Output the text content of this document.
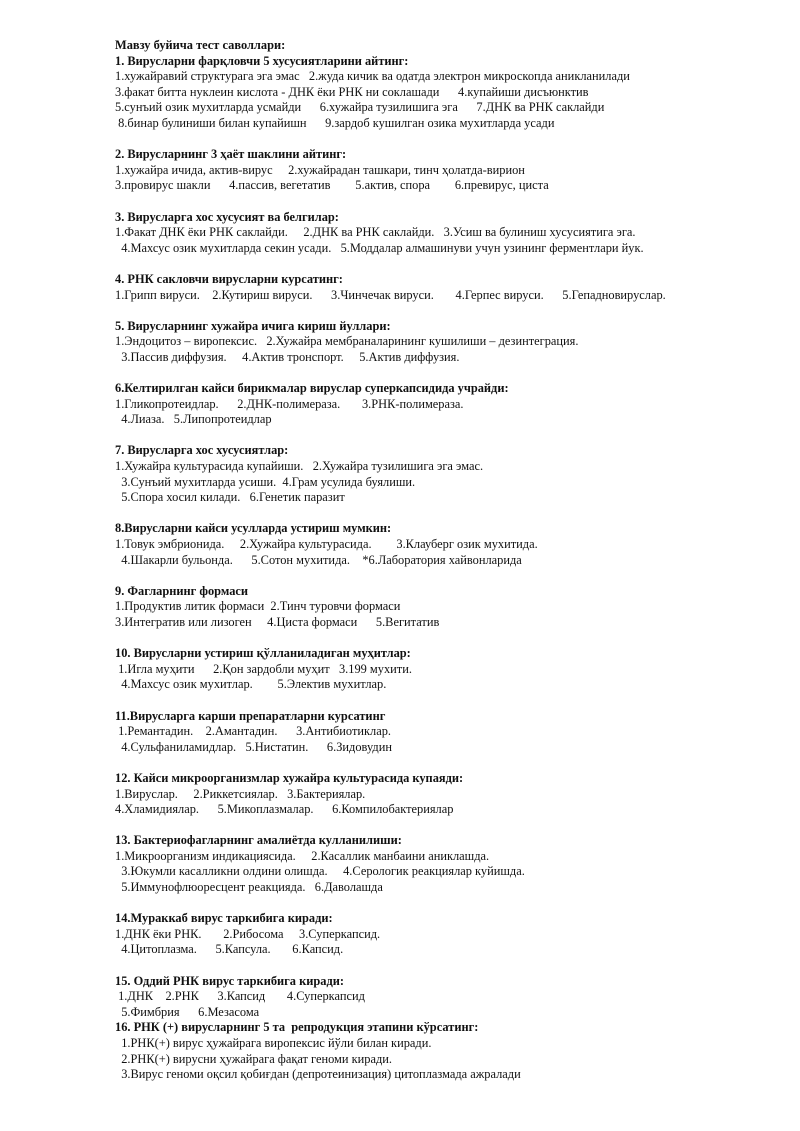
Мавзу буйича тест саволлари:
1. Вирусларни фарқловчи 5 хусусиятларини айтинг:
1.хужайравий структурага эга эмас   2.жуда кичик ва одатда электрон микроскопда аникланилади
3.факат битта нуклеин кислота - ДНК ёки РНК ни соклашади      4.купайиши дисъюнктив
5.сунъий озик мухитларда усмайди      6.хужайра тузилишига эга      7.ДНК ва РНК саклайди
8.бинар булиниши билан купайишн      9.зардоб кушилган озика мухитларда усади
2. Вирусларнинг 3 ҳаёт шаклини айтинг:
1.хужайра ичида, актив-вирус     2.хужайрадан ташкари, тинч ҳолатда-вирион
3.провирус шакли      4.пассив, вегетатив        5.актив, спора        6.превирус, циста
3. Вирусларга хос хусусият ва белгилар:
1.Факат ДНК ёки РНК саклайди.     2.ДНК ва РНК саклайди.   3.Усиш ва булиниш хусусиятига эга.
4.Махсус озик мухитларда секин усади.   5.Моддалар алмашинуви учун узининг ферментлари йук.
4. РНК сакловчи вирусларни курсатинг:
1.Грипп вируси.    2.Кутириш вируси.      3.Чинчечак вируси.       4.Герпес вируси.      5.Гепадновируслар.
5. Вирусларнинг хужайра ичига кириш йуллари:
1.Эндоцитоз – виропексис.   2.Хужайра мембраналарининг кушилиши – дезинтеграция.
3.Пассив диффузия.     4.Актив тронспорт.     5.Актив диффузия.
6.Келтирилган кайси бирикмалар вируслар суперкапсидида учрайди:
1.Гликопротеидлар.      2.ДНК-полимераза.       3.РНК-полимераза.
4.Лиаза.   5.Липопротеидлар
7. Вирусларга хос хусусиятлар:
1.Хужайра культурасида купайиши.   2.Хужайра тузилишига эга эмас.
3.Сунъий мухитларда усиши.  4.Грам усулида буялиши.
5.Спора хосил килади.   6.Генетик паразит
8.Вирусларни кайси усулларда устириш мумкин:
1.Товук эмбрионида.     2.Хужайра культурасида.        3.Клауберг озик мухитида.
4.Шакарли бульонда.      5.Сотон мухитида.    *6.Лаборатория хайвонларида
9. Фагларнинг формаси
1.Продуктив литик формаси  2.Тинч туровчи формаси
3.Интегратив или лизоген     4.Циста формаси      5.Вегитатив
10. Вирусларни устириш қўлланиладиган муҳитлар:
1.Игла муҳити      2.Қон зардобли муҳит   3.199 мухити.
4.Махсус озик мухитлар.        5.Электив мухитлар.
11.Вирусларга карши препаратларни курсатинг
1.Ремантадин.    2.Амантадин.      3.Антибиотиклар.
4.Сульфаниламидлар.   5.Нистатин.      6.Зидовудин
12. Кайси микроорганизмлар хужайра культурасида купаяди:
1.Вируслар.     2.Риккетсиялар.   3.Бактериялар.
4.Хламидиялар.      5.Микоплазмалар.      6.Компилобактериялар
13. Бактериофагларнинг амалиётда кулланилиши:
1.Микроорганизм индикациясида.     2.Касаллик манбаини аниклашда.
3.Юкумли касалликни олдини олишда.     4.Серологик реакциялар куйишда.
5.Иммунофлюоресцент реакцияда.   6.Даволашда
14.Мураккаб вирус таркибига киради:
1.ДНК ёки РНК.       2.Рибосома     3.Суперкапсид.
4.Цитоплазма.      5.Капсула.       6.Капсид.
15. Оддий РНК вирус таркибига киради:
1.ДНК    2.РНК      3.Капсид       4.Суперкапсид
5.Фимбрия      6.Мезасома
16. РНК (+) вирусларнинг 5 та  репродукция этапини кўрсатинг:
1.РНК(+) вирус ҳужайрага виропексис йўли билан киради.
2.РНК(+) вирусни ҳужайрага фақат геноми киради.
3.Вирус геноми оқсил қобиғдан (депротеинизация) цитоплазмада ажралади
